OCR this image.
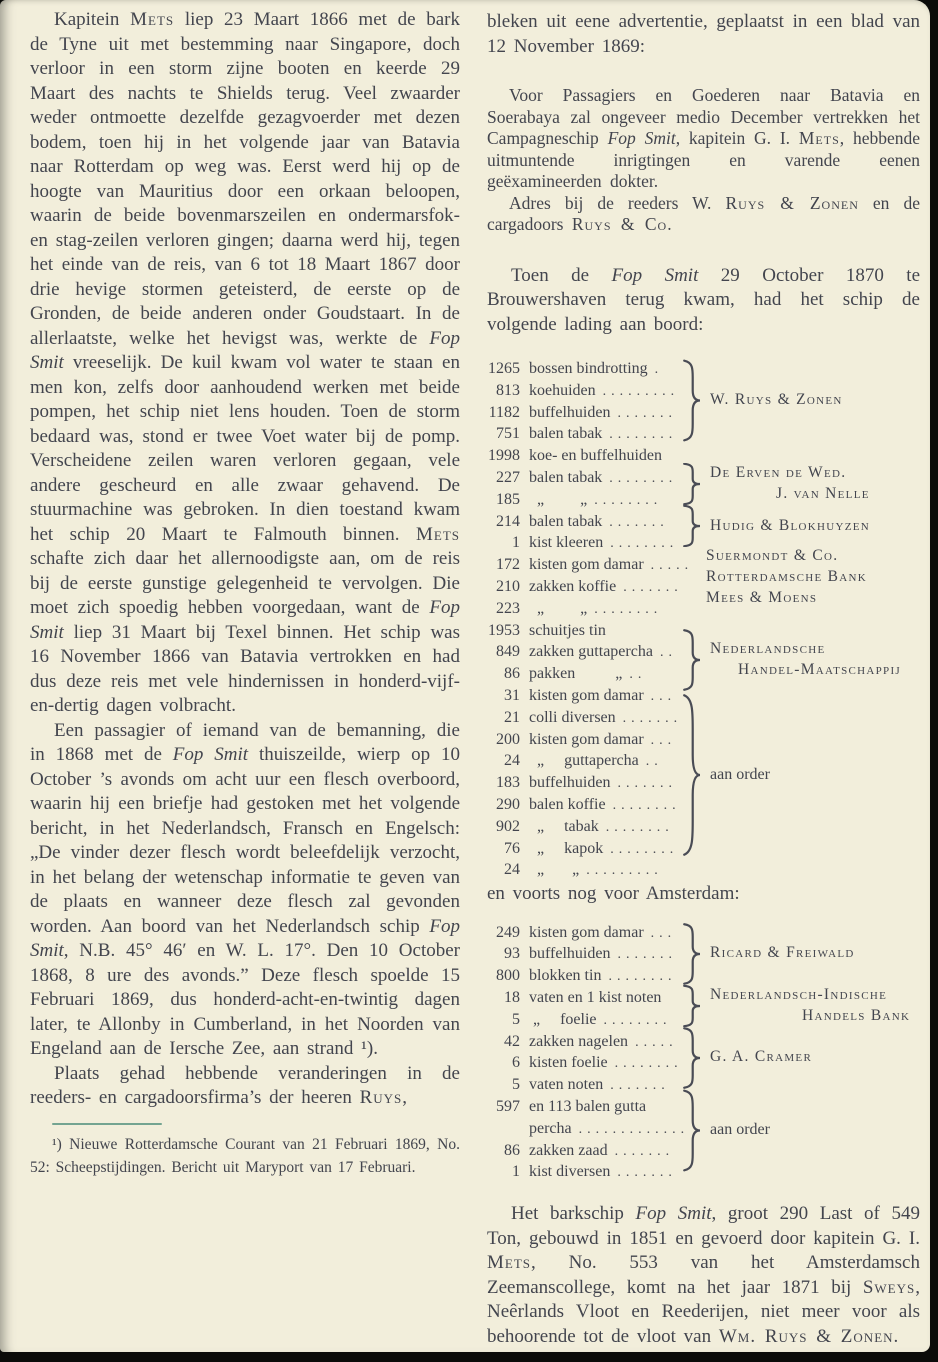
Kapitein Mets liep 23 Maart 1866 met de bark de Tyne uit met bestemming naar Singapore, doch verloor in een storm zijne booten en keerde 29 Maart des nachts te Shields terug. Veel zwaarder weder ontmoette dezelfde gezagvoerder met dezen bodem, toen hij in het volgende jaar van Batavia naar Rotterdam op weg was. Eerst werd hij op de hoogte van Mauritius door een orkaan beloopen, waarin de beide bovenmarszeilen en ondermarsfok- en stag-zeilen verloren gingen; daarna werd hij, tegen het einde van de reis, van 6 tot 18 Maart 1867 door drie hevige stormen geteisterd, de eerste op de Gronden, de beide anderen onder Goudstaart. In de allerlaatste, welke het hevigst was, werkte de Fop Smit vreeselijk. De kuil kwam vol water te staan en men kon, zelfs door aanhoudend werken met beide pompen, het schip niet lens houden. Toen de storm bedaard was, stond er twee Voet water bij de pomp. Verscheidene zeilen waren verloren gegaan, vele andere gescheurd en alle zwaar gehavend. De stuurmachine was gebroken. In dien toestand kwam het schip 20 Maart te Falmouth binnen. Mets schafte zich daar het allernoodigste aan, om de reis bij de eerste gunstige gelegenheid te vervolgen. Die moet zich spoedig hebben voorgedaan, want de Fop Smit liep 31 Maart bij Texel binnen. Het schip was 16 November 1866 van Batavia vertrokken en had dus deze reis met vele hindernissen in honderd-vijf-en-dertig dagen volbracht.

Een passagier of iemand van de bemanning, die in 1868 met de Fop Smit thuiszeilde, wierp op 10 October ’s avonds om acht uur een flesch overboord, waarin hij een briefje had gestoken met het volgende bericht, in het Nederlandsch, Fransch en Engelsch: „De vinder dezer flesch wordt beleefdelijk verzocht, in het belang der wetenschap informatie te geven van de plaats en wanneer deze flesch zal gevonden worden. Aan boord van het Nederlandsch schip Fop Smit, N.B. 45° 46′ en W. L. 17°. Den 10 October 1868, 8 ure des avonds.” Deze flesch spoelde 15 Februari 1869, dus honderd-acht-en-twintig dagen later, te Allonby in Cumberland, in het Noorden van Engeland aan de Iersche Zee, aan strand ¹).

Plaats gehad hebbende veranderingen in de reeders- en cargadoorsfirma’s der heeren Ruys,

¹) Nieuwe Rotterdamsche Courant van 21 Februari 1869, No. 52: Scheepstijdingen. Bericht uit Maryport van 17 Februari.

bleken uit eene advertentie, geplaatst in een blad van 12 November 1869:

Voor Passagiers en Goederen naar Batavia en Soerabaya zal ongeveer medio December vertrekken het Campagneschip Fop Smit, kapitein G. I. Mets, hebbende uitmuntende inrigtingen en varende eenen geëxamineerden dokter.

Adres bij de reeders W. Ruys & Zonen en de cargadoors Ruys & Co.

Toen de Fop Smit 29 October 1870 te Brouwershaven terug kwam, had het schip de volgende lading aan boord:

1265 bossen bindrotting .
813 koehuiden .........
1182 buffelhuiden .......
751 balen tabak ........
1998 koe- en buffelhuiden
227 balen tabak ........
185  „         „ ........
214 balen tabak .......
1 kist kleeren ........
172 kisten gom damar .....
210 zakken koffie .......
223  „         „ ........
1953 schuitjes tin
849 zakken guttapercha ..
86 pakken          „ ..
31 kisten gom damar ...
21 colli diversen .......
200 kisten gom damar ...
24  „     guttapercha ..
183 buffelhuiden .......
290 balen koffie ........
902  „     tabak ........
76  „     kapok ........
24  „       „ .........
W. Ruys & Zonen
De Erven de Wed.
J. van Nelle
Hudig & Blokhuyzen
Suermondt & Co.
Rotterdamsche Bank
Mees & Moens
Nederlandsche
Handel-Maatschappij
aan order

en voorts nog voor Amsterdam:

249 kisten gom damar ...
93 buffelhuiden .......
800 blokken tin ........
18 vaten en 1 kist noten
5 „     foelie ........
42 zakken nagelen .....
6 kisten foelie ........
5 vaten noten .......
597 en 113 balen gutta
percha .............
86 zakken zaad .......
1 kist diversen .......
Ricard & Freiwald
Nederlandsch-Indische
Handels Bank
G. A. Cramer
aan order

Het barkschip Fop Smit, groot 290 Last of 549 Ton, gebouwd in 1851 en gevoerd door kapitein G. I. Mets, No. 553 van het Amsterdamsch Zeemanscollege, komt na het jaar 1871 bij Sweys, Neêrlands Vloot en Reederijen, niet meer voor als behoorende tot de vloot van Wm. Ruys & Zonen.
